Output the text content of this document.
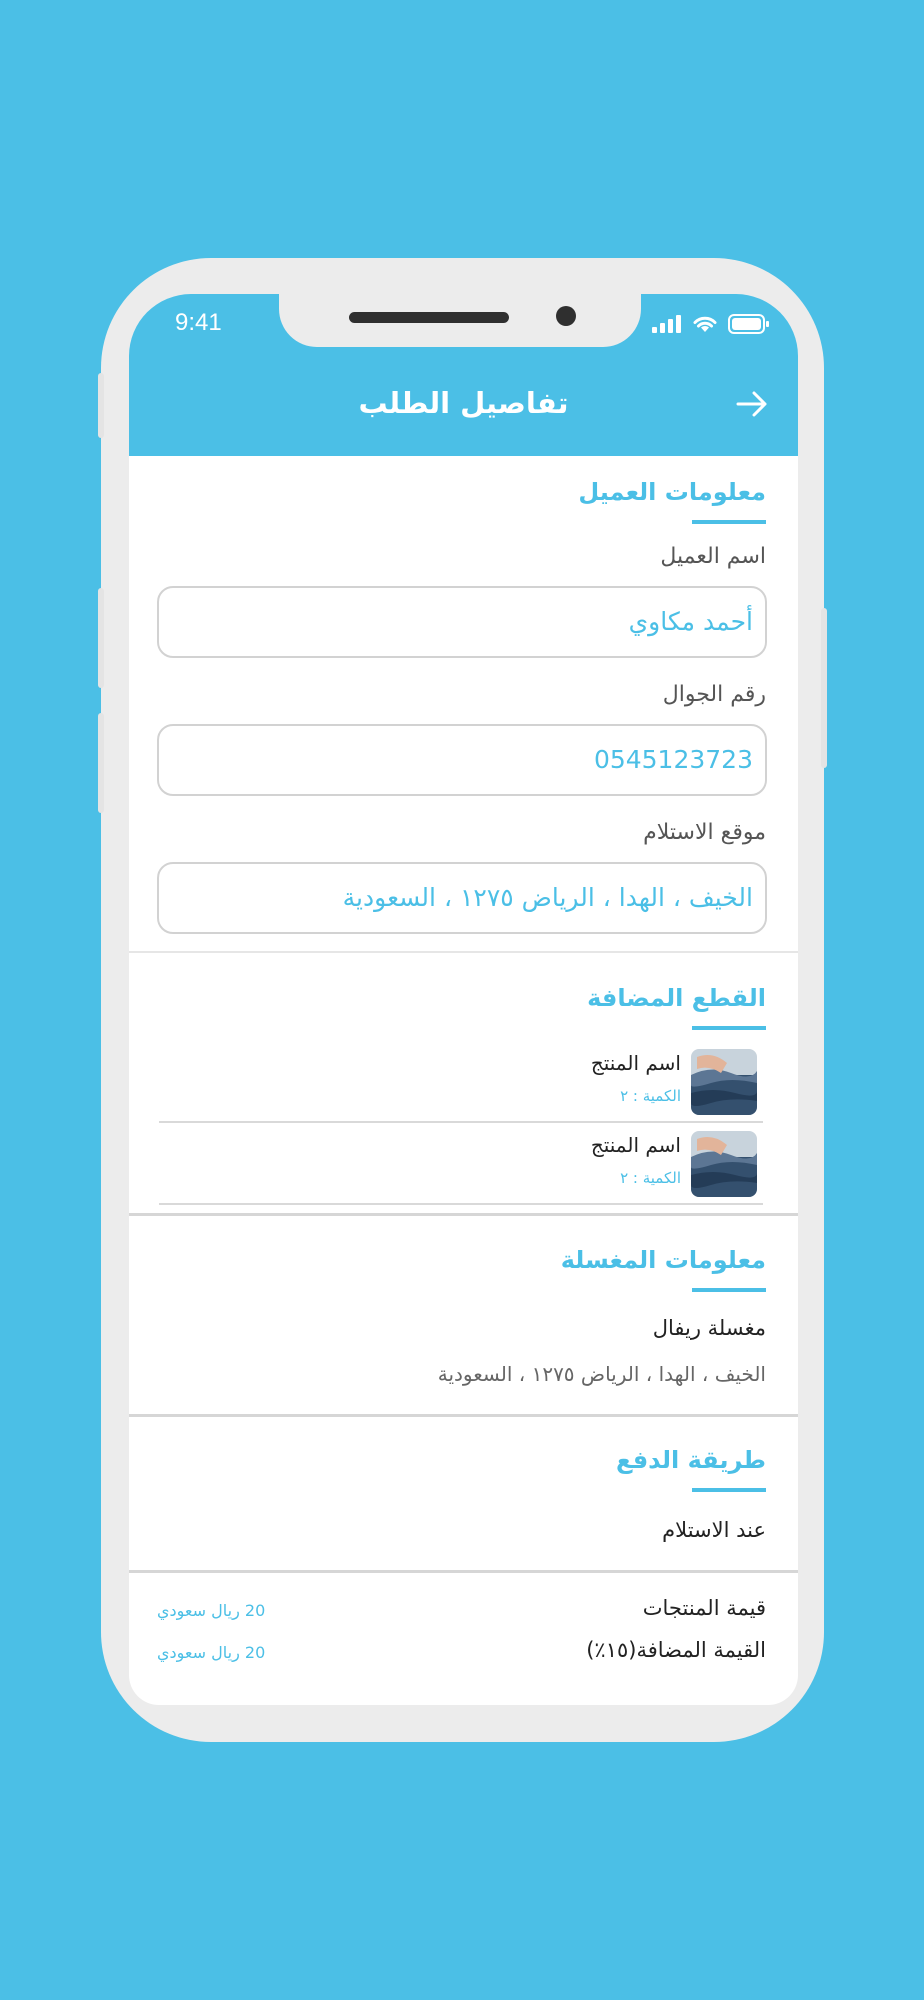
9:41
تفاصيل الطلب
معلومات العميل
اسم العميل
أحمد مكاوي
رقم الجوال
0545123723
موقع الاستلام
الخيف ، الهدا ، الرياض ١٢٧٥ ، السعودية
القطع المضافة
اسم المنتج
الكمية : ٢
اسم المنتج
الكمية : ٢
معلومات المغسلة
مغسلة ريفال
الخيف ، الهدا ، الرياض ١٢٧٥ ، السعودية
طريقة الدفع
عند الاستلام
قيمة المنتجات
20 ريال سعودي
القيمة المضافة(١٥٪)
20 ريال سعودي
